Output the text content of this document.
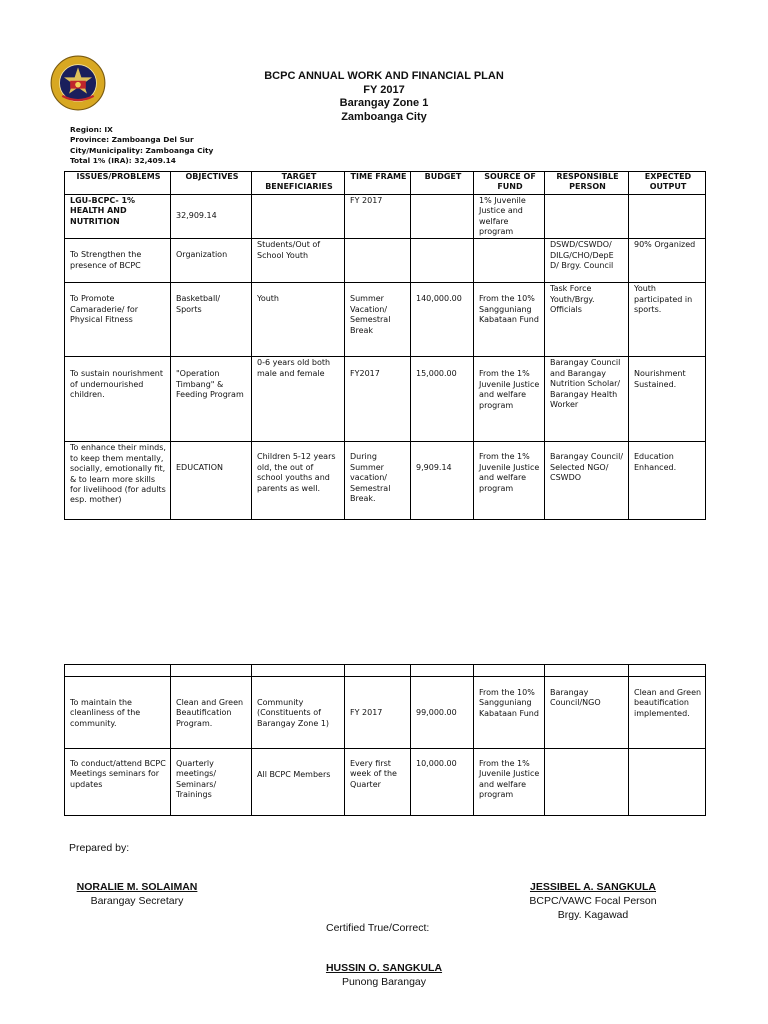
BCPC ANNUAL WORK AND FINANCIAL PLAN
FY 2017
Barangay Zone 1
Zamboanga City
Region: IX
Province: Zamboanga Del Sur
City/Municipality: Zamboanga City
Total 1% (IRA): 32,409.14
ISSUES/PROBLEMS	OBJECTIVES	TARGET BENEFICIARIES	TIME FRAME	BUDGET	SOURCE OF FUND	RESPONSIBLE PERSON	EXPECTED OUTPUT
LGU-BCPC- 1% HEALTH AND NUTRITION	32,909.14		FY 2017		1% Juvenile Justice and welfare program		
To Strengthen the presence of BCPC	Organization	Students/Out of School Youth				DSWD/CSWDO/ DILG/CHO/DepE D/ Brgy. Council	90% Organized
To Promote Camaraderie/ for Physical Fitness	Basketball/ Sports	Youth	Summer Vacation/ Semestral Break	140,000.00	From the 10% Sangguniang Kabataan Fund	Task Force Youth/Brgy. Officials	Youth participated in sports.
To sustain nourishment of undernourished children.	"Operation Timbang" & Feeding Program	0-6 years old both male and female	FY2017	15,000.00	From the 1% Juvenile Justice and welfare program	Barangay Council and Barangay Nutrition Scholar/ Barangay Health Worker	Nourishment Sustained.
To enhance their minds, to keep them mentally, socially, emotionally fit, & to learn more skills for livelihood (for adults esp. mother)	EDUCATION	Children 5-12 years old, the out of school youths and parents as well.	During Summer vacation/ Semestral Break.	9,909.14	From the 1% Juvenile Justice and welfare program	Barangay Council/ Selected NGO/ CSWDO	Education Enhanced.

To maintain the cleanliness of the community.	Clean and Green Beautification Program.	Community (Constituents of Barangay Zone 1)	FY 2017	99,000.00	From the 10% Sangguniang Kabataan Fund	Barangay Council/NGO	Clean and Green beautification implemented.
To conduct/attend BCPC Meetings seminars for updates	Quarterly meetings/ Seminars/ Trainings	All BCPC Members	Every first week of the Quarter	10,000.00	From the 1% Juvenile Justice and welfare program		
Prepared by:
NORALIE M. SOLAIMAN
Barangay Secretary
JESSIBEL A. SANGKULA
BCPC/VAWC Focal Person
Brgy. Kagawad
Certified True/Correct:
HUSSIN O. SANGKULA
Punong Barangay
